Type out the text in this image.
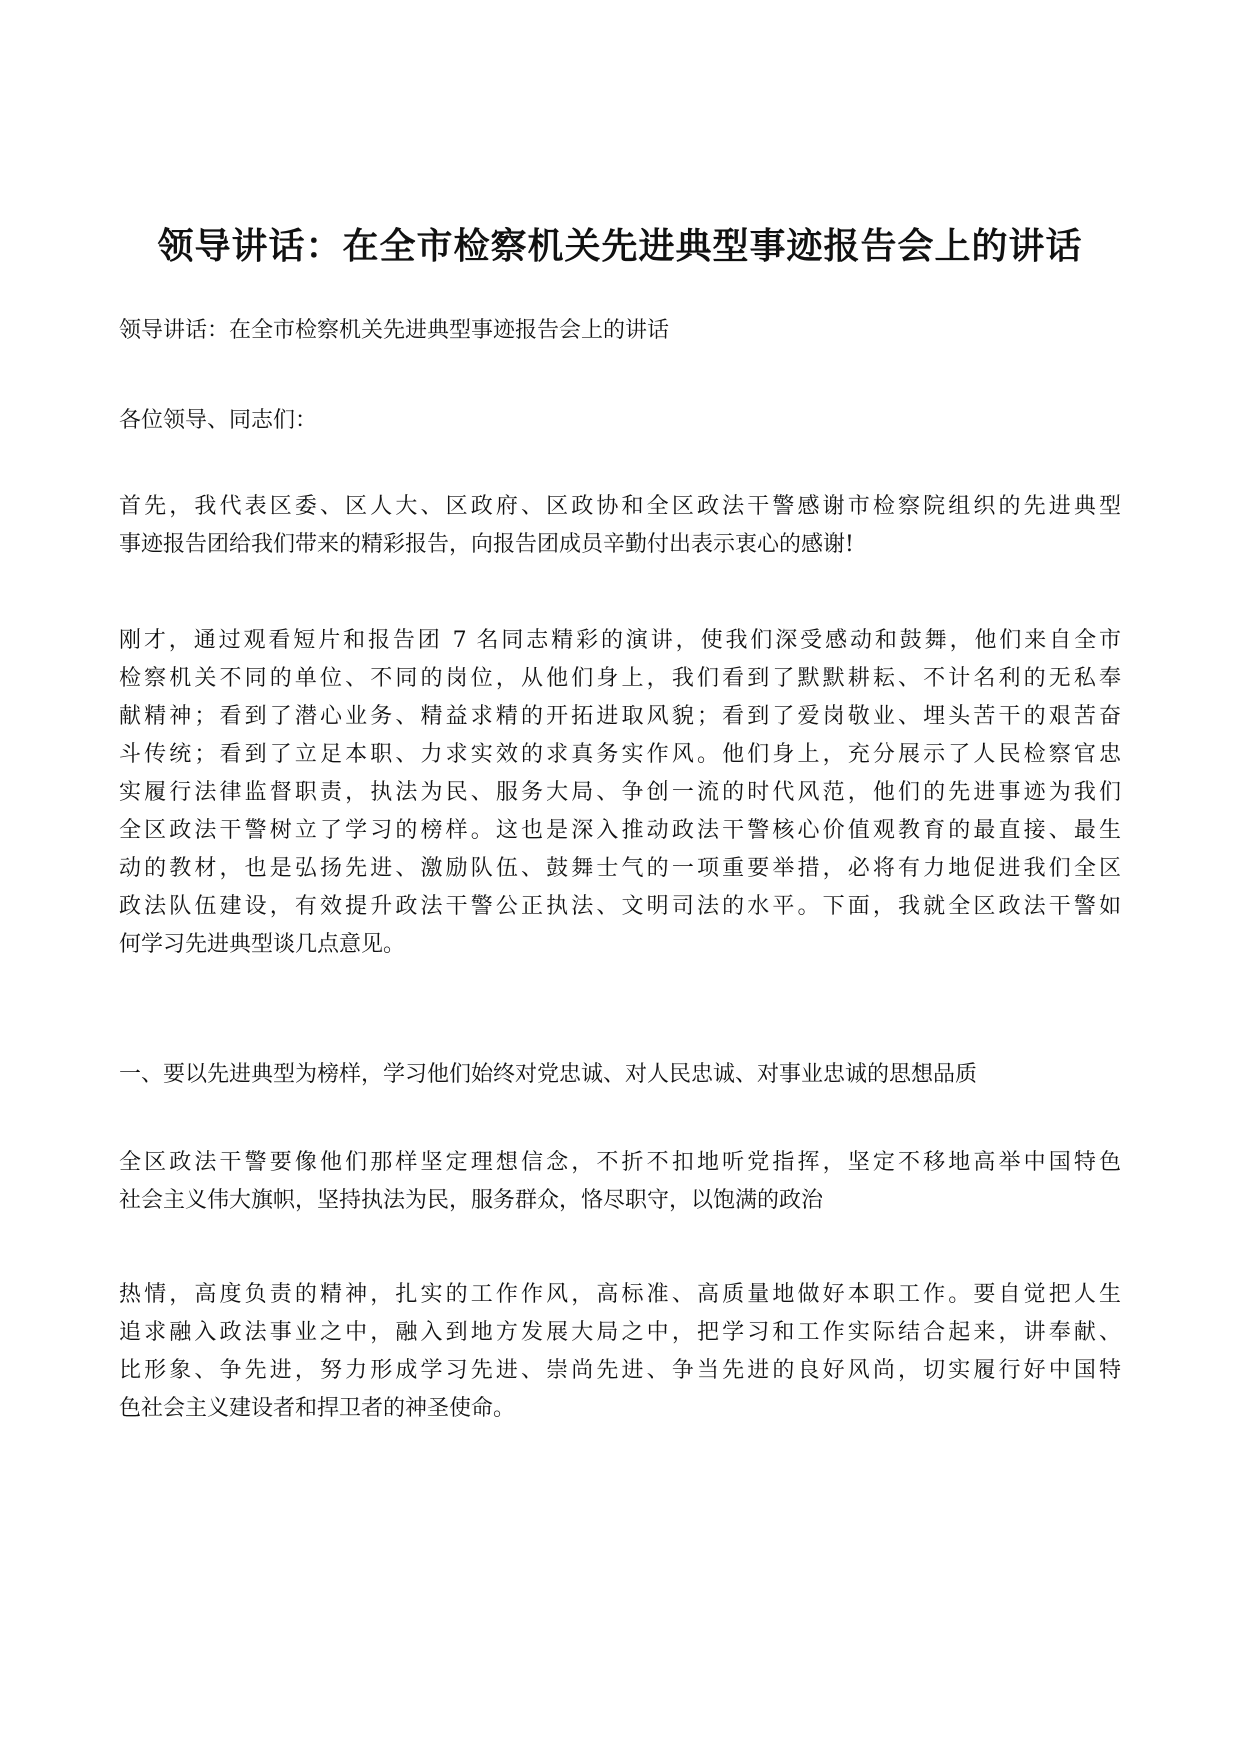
领导讲话：在全市检察机关先进典型事迹报告会上的讲话

领导讲话：在全市检察机关先进典型事迹报告会上的讲话

各位领导、同志们：

首先，我代表区委、区人大、区政府、区政协和全区政法干警感谢市检察院组织的先进典型
事迹报告团给我们带来的精彩报告，向报告团成员辛勤付出表示衷心的感谢!

刚才，通过观看短片和报告团 7 名同志精彩的演讲，使我们深受感动和鼓舞，他们来自全市
检察机关不同的单位、不同的岗位，从他们身上，我们看到了默默耕耘、不计名利的无私奉
献精神；看到了潜心业务、精益求精的开拓进取风貌；看到了爱岗敬业、埋头苦干的艰苦奋
斗传统；看到了立足本职、力求实效的求真务实作风。他们身上，充分展示了人民检察官忠
实履行法律监督职责，执法为民、服务大局、争创一流的时代风范，他们的先进事迹为我们
全区政法干警树立了学习的榜样。这也是深入推动政法干警核心价值观教育的最直接、最生
动的教材，也是弘扬先进、激励队伍、鼓舞士气的一项重要举措，必将有力地促进我们全区
政法队伍建设，有效提升政法干警公正执法、文明司法的水平。下面，我就全区政法干警如
何学习先进典型谈几点意见。

一、要以先进典型为榜样，学习他们始终对党忠诚、对人民忠诚、对事业忠诚的思想品质

全区政法干警要像他们那样坚定理想信念，不折不扣地听党指挥，坚定不移地高举中国特色
社会主义伟大旗帜，坚持执法为民，服务群众，恪尽职守，以饱满的政治

热情，高度负责的精神，扎实的工作作风，高标准、高质量地做好本职工作。要自觉把人生
追求融入政法事业之中，融入到地方发展大局之中，把学习和工作实际结合起来，讲奉献、
比形象、争先进，努力形成学习先进、崇尚先进、争当先进的良好风尚，切实履行好中国特
色社会主义建设者和捍卫者的神圣使命。
